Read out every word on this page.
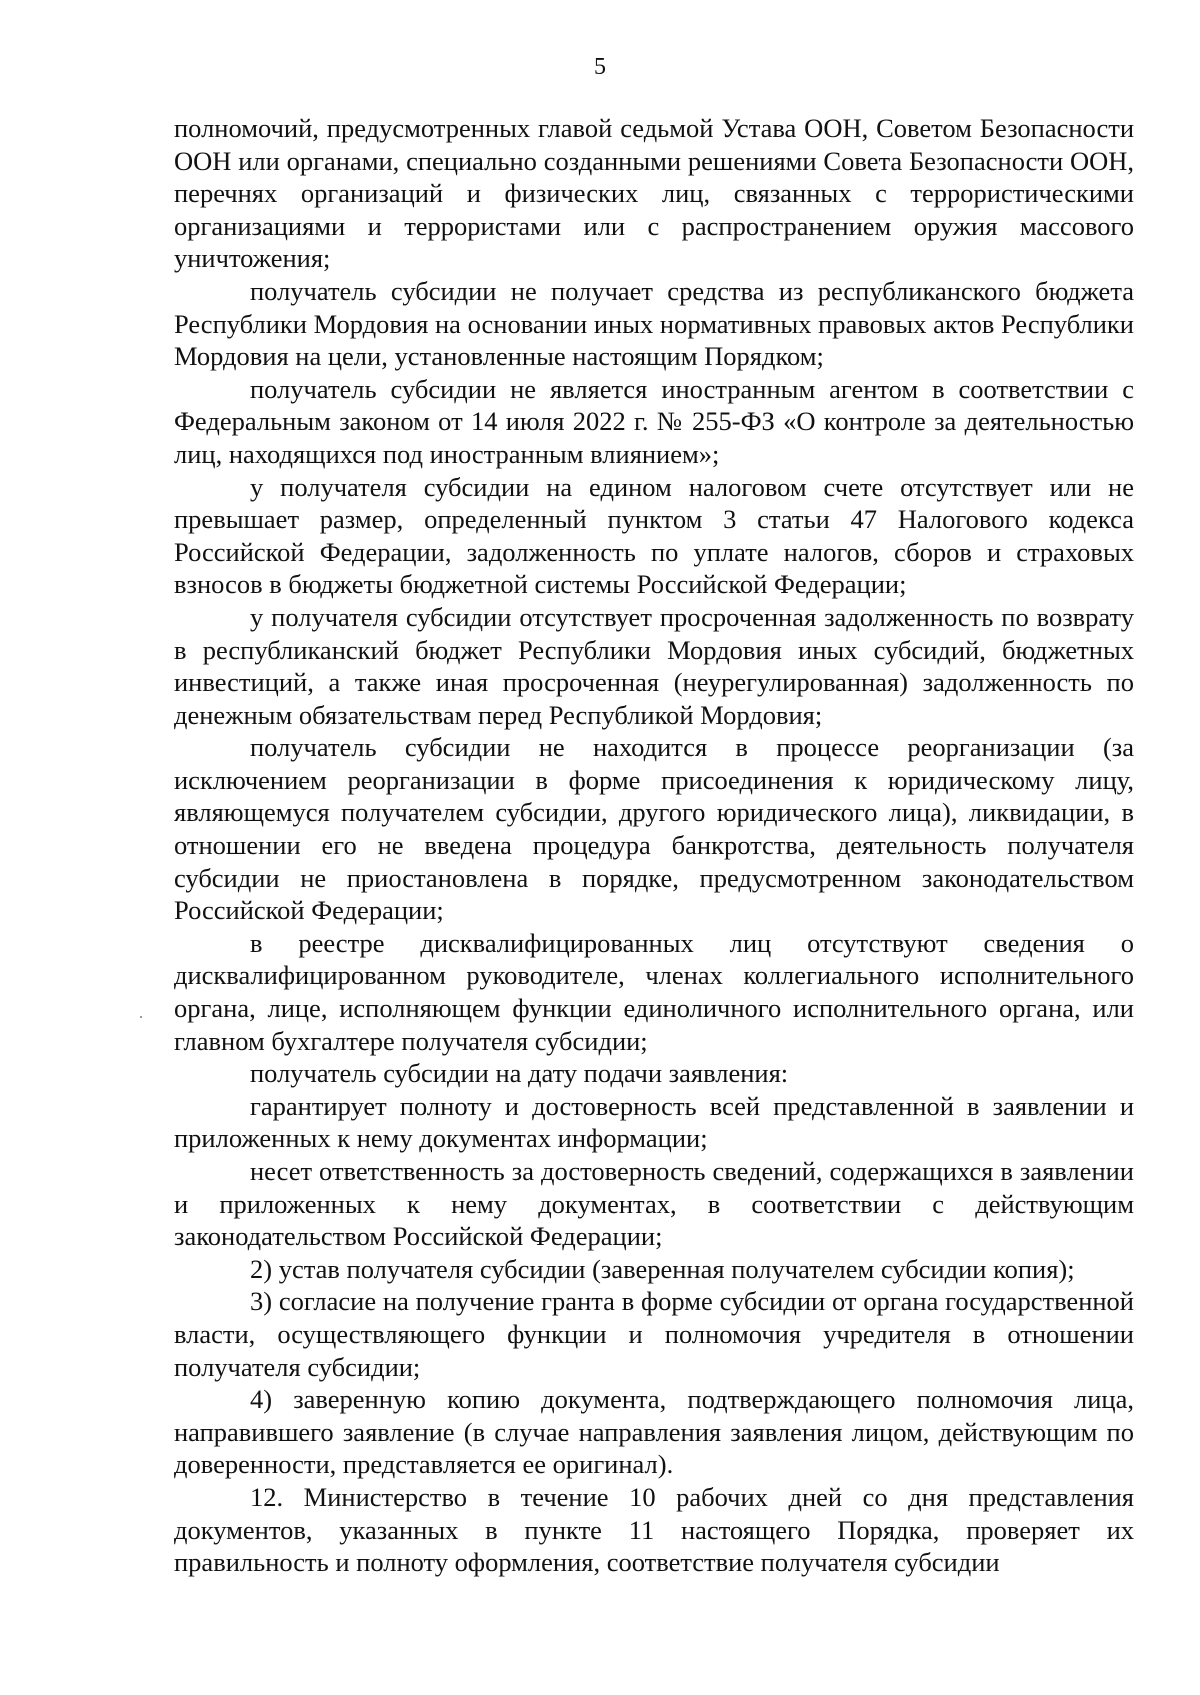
5

полномочий, предусмотренных главой седьмой Устава ООН, Советом Безопасности ООН или органами, специально созданными решениями Совета Безопасности ООН, перечнях организаций и физических лиц, связанных с террористическими организациями и террористами или с распространением оружия массового уничтожения;

получатель субсидии не получает средства из республиканского бюджета Республики Мордовия на основании иных нормативных правовых актов Республики Мордовия на цели, установленные настоящим Порядком;

получатель субсидии не является иностранным агентом в соответствии с Федеральным законом от 14 июля 2022 г. № 255-ФЗ «О контроле за деятельностью лиц, находящихся под иностранным влиянием»;

у получателя субсидии на едином налоговом счете отсутствует или не превышает размер, определенный пунктом 3 статьи 47 Налогового кодекса Российской Федерации, задолженность по уплате налогов, сборов и страховых взносов в бюджеты бюджетной системы Российской Федерации;

у получателя субсидии отсутствует просроченная задолженность по возврату в республиканский бюджет Республики Мордовия иных субсидий, бюджетных инвестиций, а также иная просроченная (неурегулированная) задолженность по денежным обязательствам перед Республикой Мордовия;

получатель субсидии не находится в процессе реорганизации (за исключением реорганизации в форме присоединения к юридическому лицу, являющемуся получателем субсидии, другого юридического лица), ликвидации, в отношении его не введена процедура банкротства, деятельность получателя субсидии не приостановлена в порядке, предусмотренном законодательством Российской Федерации;

в реестре дисквалифицированных лиц отсутствуют сведения о дисквалифицированном руководителе, членах коллегиального исполнительного органа, лице, исполняющем функции единоличного исполнительного органа, или главном бухгалтере получателя субсидии;

получатель субсидии на дату подачи заявления:

гарантирует полноту и достоверность всей представленной в заявлении и приложенных к нему документах информации;

несет ответственность за достоверность сведений, содержащихся в заявлении и приложенных к нему документах, в соответствии с действующим законодательством Российской Федерации;

2) устав получателя субсидии (заверенная получателем субсидии копия);

3) согласие на получение гранта в форме субсидии от органа государственной власти, осуществляющего функции и полномочия учредителя в отношении получателя субсидии;

4) заверенную копию документа, подтверждающего полномочия лица, направившего заявление (в случае направления заявления лицом, действующим по доверенности, представляется ее оригинал).

12. Министерство в течение 10 рабочих дней со дня представления документов, указанных в пункте 11 настоящего Порядка, проверяет их правильность и полноту оформления, соответствие получателя субсидии
